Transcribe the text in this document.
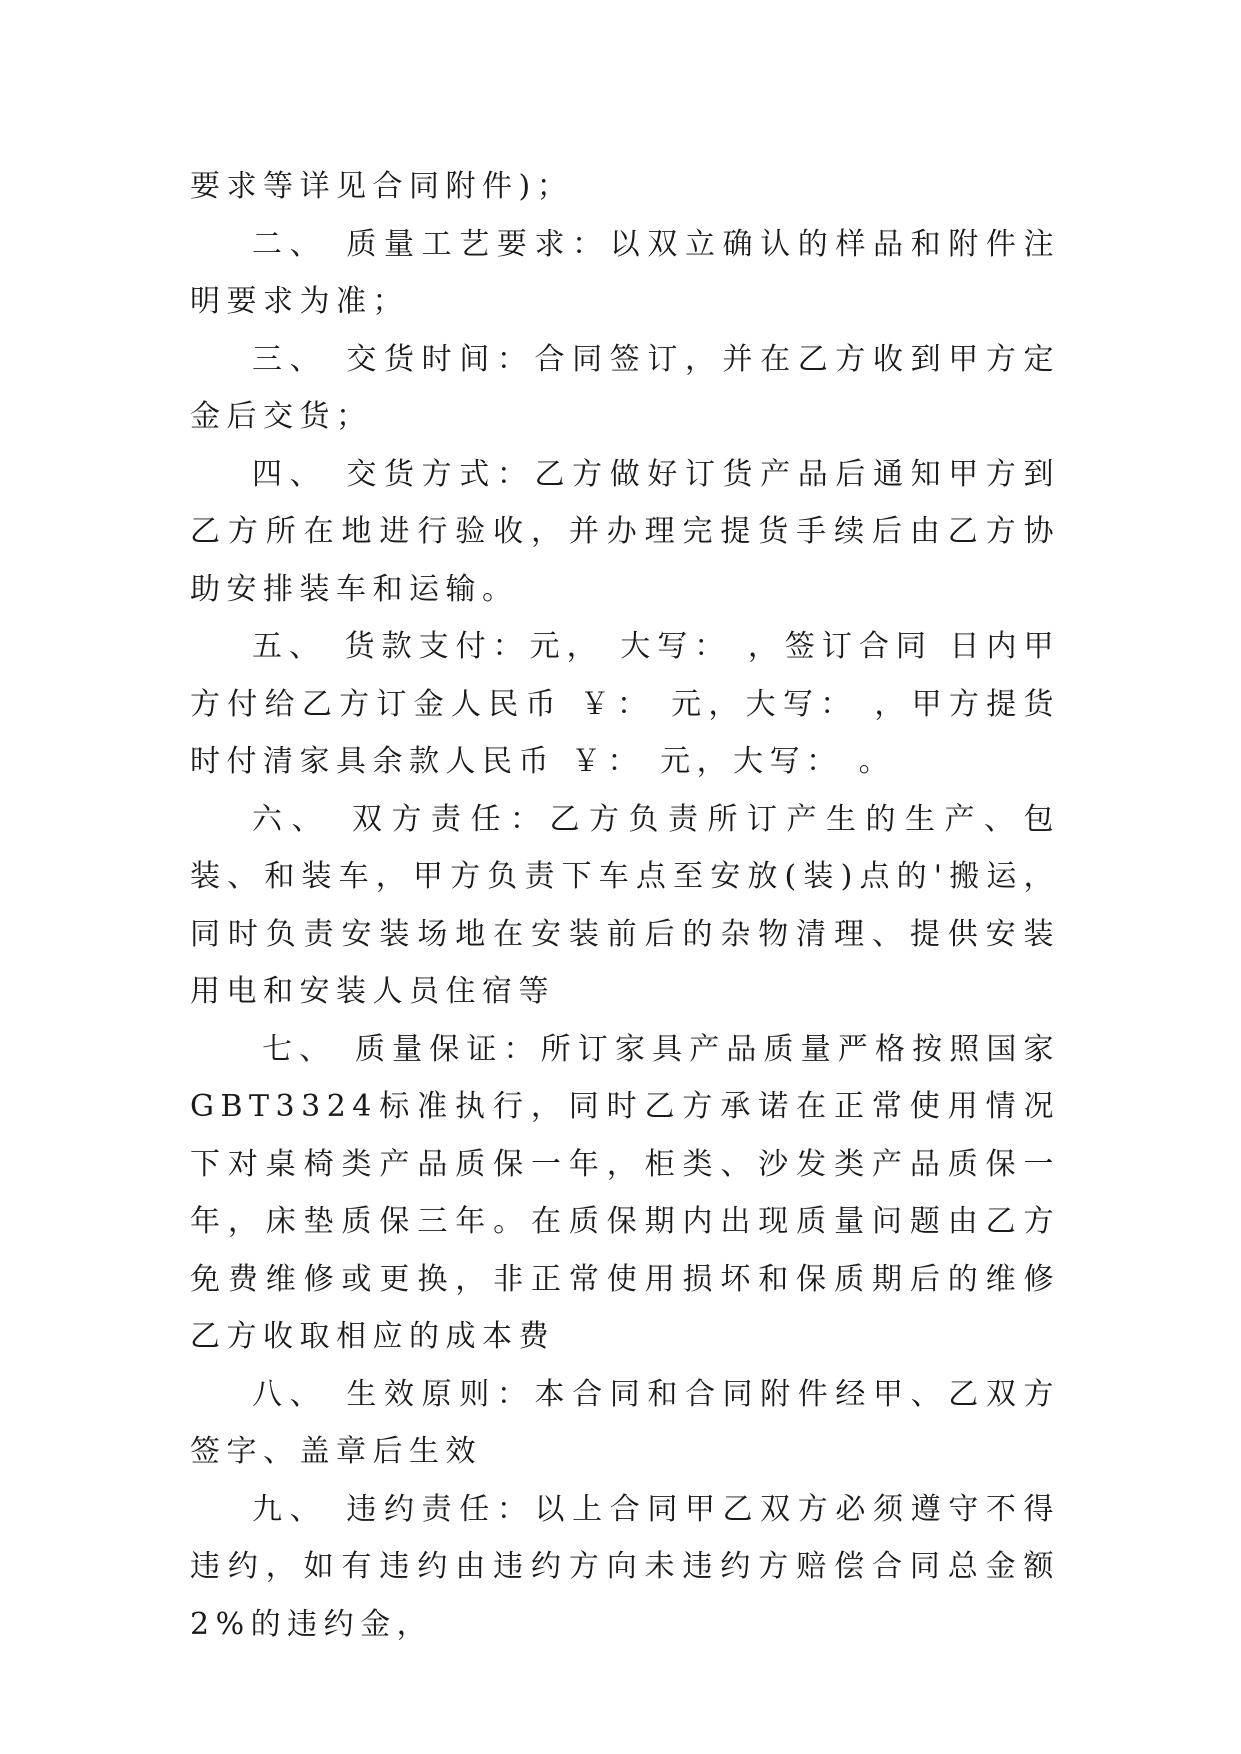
要求等详见合同附件)；

二、 质量工艺要求：以双立确认的样品和附件注明要求为准；

三、 交货时间：合同签订，并在乙方收到甲方定金后交货；

四、 交货方式：乙方做好订货产品后通知甲方到乙方所在地进行验收，并办理完提货手续后由乙方协助安排装车和运输。

五、 货款支付：元， 大写： ，签订合同 日内甲方付给乙方订金人民币 ￥： 元，大写： ，甲方提货时付清家具余款人民币 ￥： 元，大写： 。

六、 双方责任：乙方负责所订产生的生产、包装、和装车，甲方负责下车点至安放(装)点的'搬运，同时负责安装场地在安装前后的杂物清理、提供安装用电和安装人员住宿等

七、 质量保证：所订家具产品质量严格按照国家GBT3324标准执行，同时乙方承诺在正常使用情况下对桌椅类产品质保一年，柜类、沙发类产品质保一年，床垫质保三年。在质保期内出现质量问题由乙方免费维修或更换，非正常使用损坏和保质期后的维修乙方收取相应的成本费

八、 生效原则：本合同和合同附件经甲、乙双方签字、盖章后生效

九、 违约责任：以上合同甲乙双方必须遵守不得违约，如有违约由违约方向未违约方赔偿合同总金额2%的违约金，
